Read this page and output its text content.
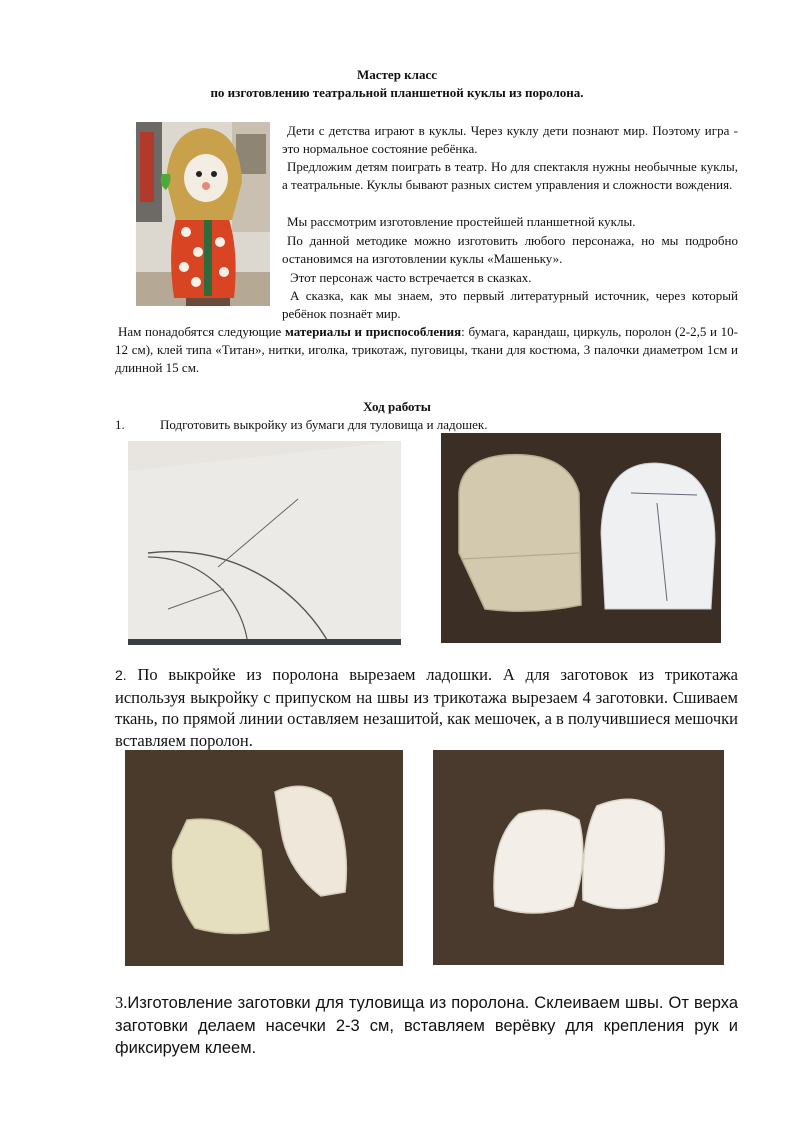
Мастер класс
по изготовлению театральной планшетной куклы из поролона.

Дети с детства играют в куклы. Через куклу дети познают мир. Поэтому игра - это нормальное состояние ребёнка.

Предложим детям поиграть в театр. Но для спектакля нужны необычные куклы, а театральные. Куклы бывают разных систем управления и сложности вождения.

Мы рассмотрим изготовление простейшей планшетной куклы.

По данной методике можно изготовить любого персонажа, но мы подробно остановимся на изготовлении куклы «Машеньку».

Этот персонаж часто встречается в сказках.

А сказка, как мы знаем, это первый литературный источник, через который ребёнок познаёт мир.

Нам понадобятся следующие материалы и приспособления: бумага, карандаш, циркуль, поролон (2-2,5 и 10-12 см), клей типа «Титан», нитки, иголка, трикотаж, пуговицы, ткани для костюма, 3 палочки диаметром 1см и длинной 15 см.

Ход работы
1.	Подготовить выкройку из бумаги для туловища и ладошек.

2. По выкройке из поролона вырезаем ладошки. А для заготовок из трикотажа используя выкройку с припуском на швы из трикотажа вырезаем 4 заготовки. Сшиваем ткань, по прямой линии оставляем незашитой, как мешочек, а в получившиеся мешочки вставляем поролон.

3.Изготовление заготовки для туловища из поролона. Склеиваем швы. От верха заготовки делаем насечки 2-3 см, вставляем верёвку для крепления рук и фиксируем клеем.
